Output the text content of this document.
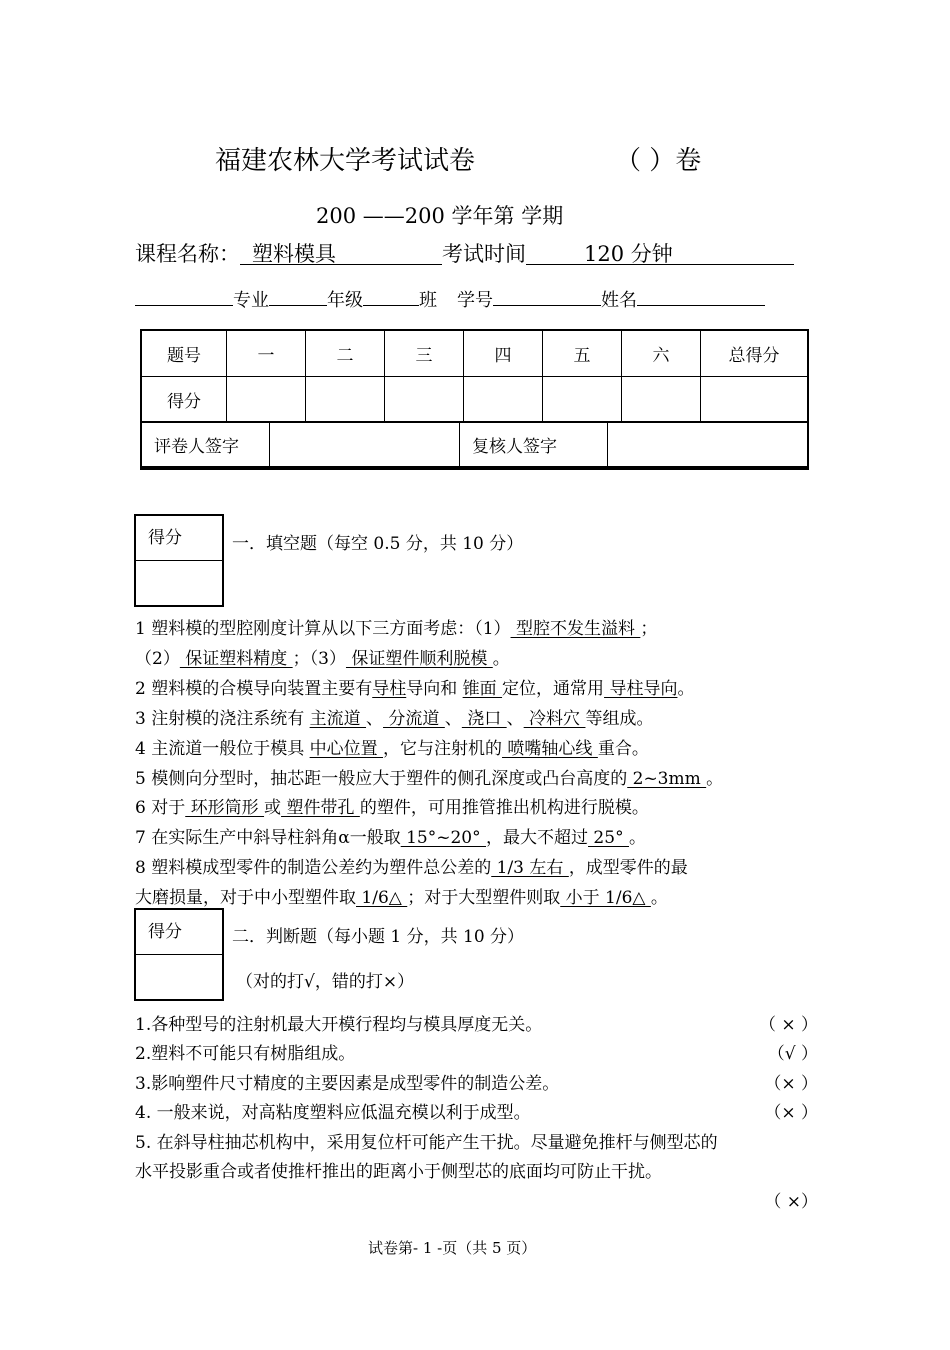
福建农林大学考试试卷	（ ）卷
200 ——200 学年第 学期
课程名称： 塑料模具	考试时间	120 分钟
专业	年级	班 学号	姓名
题号	一	二	三	四	五	六	总得分
得分							

评卷人签字		复核人签字	
得分	一．填空题（每空 0.5 分，共 10 分）
1 塑料模的型腔刚度计算从以下三方面考虑：（1） 型腔不发生溢料 ；
（2） 保证塑料精度 ；（3） 保证塑件顺利脱模 。
2 塑料模的合模导向装置主要有导柱导向和 锥面 定位，通常用 导柱导向。
3 注射模的浇注系统有 主流道 、 分流道 、 浇口 、 冷料穴 等组成。
4 主流道一般位于模具 中心位置 ，它与注射机的 喷嘴轴心线 重合。
5 模侧向分型时，抽芯距一般应大于塑件的侧孔深度或凸台高度的 2~3mm 。
6 对于 环形筒形 或 塑件带孔 的塑件，可用推管推出机构进行脱模。
7 在实际生产中斜导柱斜角α一般取 15°~20° ，最大不超过 25° 。
8 塑料模成型零件的制造公差约为塑件总公差的 1/3 左右 ，成型零件的最
大磨损量，对于中小型塑件取 1/6△ ；对于大型塑件则取 小于 1/6△ 。
得分	二．判断题（每小题 1 分，共 10 分）
（对的打√，错的打×）
1.各种型号的注射机最大开模行程均与模具厚度无关。	（ × ）
2.塑料不可能只有树脂组成。	（√ ）
3.影响塑件尺寸精度的主要因素是成型零件的制造公差。	（× ）
4. 一般来说，对高粘度塑料应低温充模以利于成型。	（× ）
5. 在斜导柱抽芯机构中，采用复位杆可能产生干扰。尽量避免推杆与侧型芯的
水平投影重合或者使推杆推出的距离小于侧型芯的底面均可防止干扰。
（ ×）
试卷第- 1 -页（共 5 页）
